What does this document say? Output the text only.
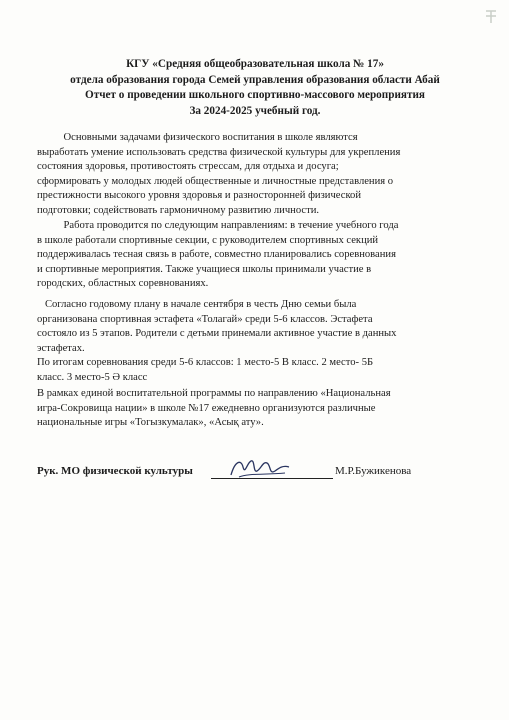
КГУ «Средняя общеобразовательная школа № 17»
отдела образования города Семей управления образования области Абай
Отчет о проведении школьного спортивно-массового мероприятия
За 2024-2025 учебный год.
Основными задачами физического воспитания в школе являются
выработать умение использовать средства физической культуры для укрепления
состояния здоровья, противостоять стрессам, для отдыха и досуга;
сформировать у молодых людей общественные и личностные представления о
престижности высокого уровня здоровья и разносторонней физической
подготовки; содействовать гармоничному развитию личности.
Работа проводится по следующим направлениям: в течение учебного года
в школе работали спортивные секции, с руководителем спортивных секций
поддерживалась тесная связь в работе, совместно планировались соревнования
и спортивные мероприятия. Также учащиеся школы принимали участие в
городских, областных соревнованиях.
Согласно годовому плану в начале сентября в честь Дню семьи была
организована спортивная эстафета «Толагай» среди 5-6 классов. Эстафета
состояло из 5 этапов. Родители с детьми принемали активное участие в данных
эстафетах.
По итогам соревнования среди 5-6 классов: 1 место-5 В класс. 2 место- 5Б
класс. 3 место-5 Ә класс
В рамках единой воспитательной программы по направлению «Национальная
игра-Сокровища нации» в школе №17 ежедневно организуются различные
национальные игры «Тогызкумалак», «Асық ату».
Рук. МО физической культуры	М.Р.Бужикенова
